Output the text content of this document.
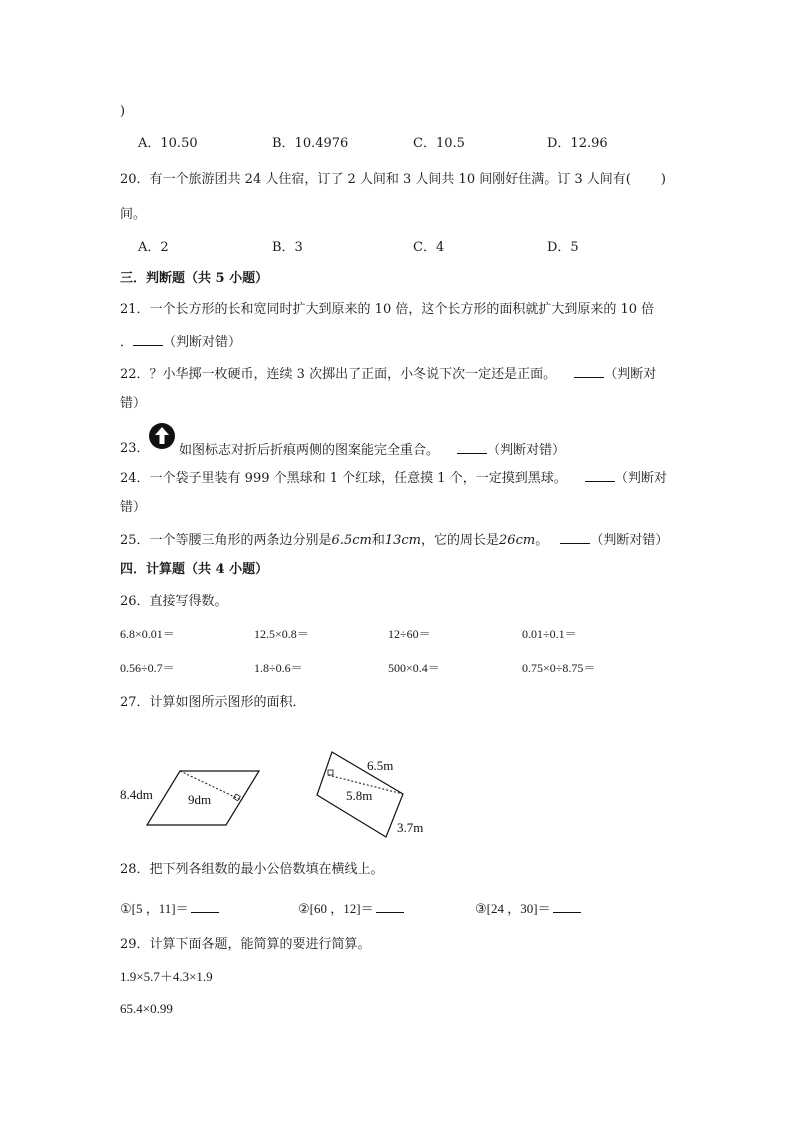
)
A．10.50	B．10.4976	C．10.5	D．12.96
20．有一个旅游团共 24 人住宿，订了 2 人间和 3 人间共 10 间刚好住满。订 3 人间有( )
间。
A．2	B．3	C．4	D．5
三．判断题（共 5 小题）
21．一个长方形的长和宽同时扩大到原来的 10 倍，这个长方形的面积就扩大到原来的 10 倍
． （判断对错）
22．？小华掷一枚硬币，连续 3 次掷出了正面，小冬说下次一定还是正面。	（判断对
错）
23． 如图标志对折后折痕两侧的图案能完全重合。	（判断对错）
24．一个袋子里装有 999 个黑球和 1 个红球，任意摸 1 个，一定摸到黑球。	（判断对
错）
25．一个等腰三角形的两条边分别是6.5cm和13cm，它的周长是26cm。	（判断对错）
四．计算题（共 4 小题）
26．直接写得数。
6.8×0.01＝	12.5×0.8＝	12÷60＝	0.01÷0.1＝
0.56÷0.7＝	1.8÷0.6＝	500×0.4＝	0.75×0÷8.75＝
27．计算如图所示图形的面积．
8.4dm	9dm
6.5m
5.8m
3.7m
28．把下列各组数的最小公倍数填在横线上。
①[5 ，11]＝	②[60 ，12]＝	③[24 ，30]＝
29．计算下面各题，能简算的要进行简算。
1.9×5.7＋4.3×1.9
65.4×0.99
